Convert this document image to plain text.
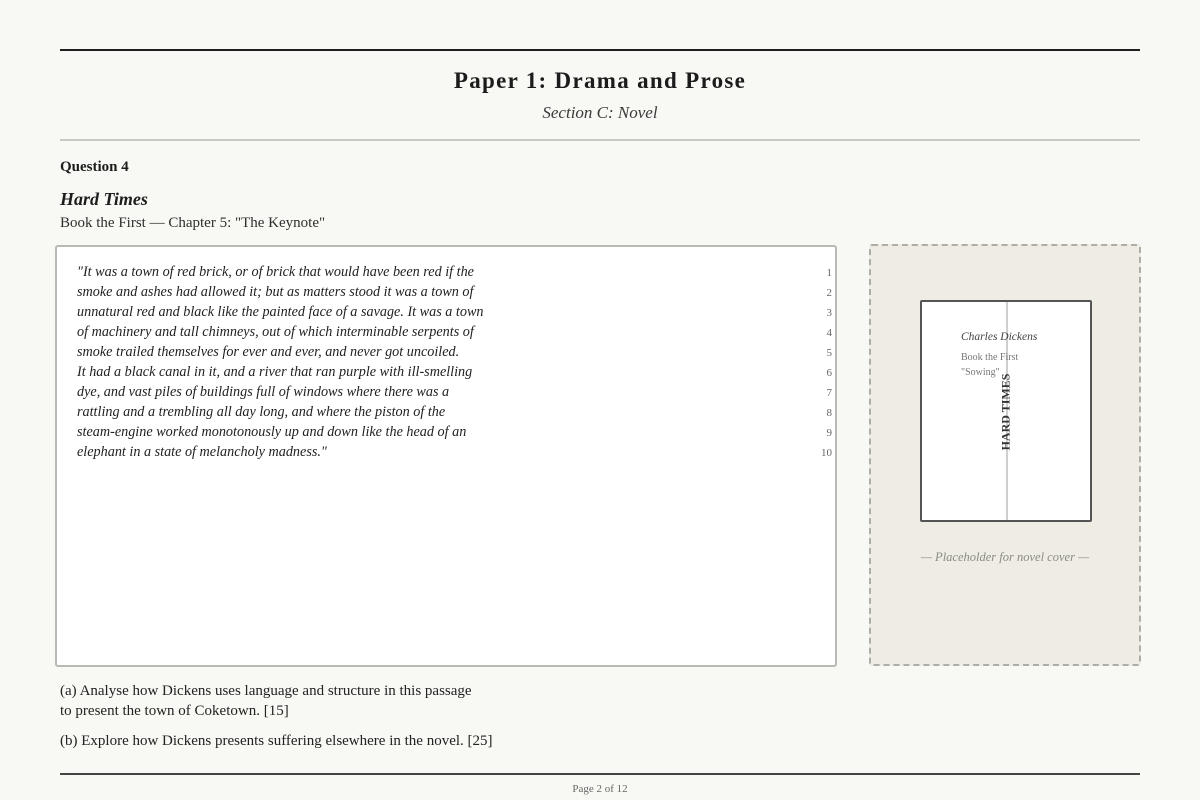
Paper 1: Drama and Prose
Section C: Novel
Question 4
Hard Times
Book the First — Chapter 5: "The Keynote"
"It was a town of red brick, or of brick that would have been red if the	1
smoke and ashes had allowed it; but as matters stood it was a town of	2
unnatural red and black like the painted face of a savage. It was a town	3
of machinery and tall chimneys, out of which interminable serpents of	4
smoke trailed themselves for ever and ever, and never got uncoiled.	5
It had a black canal in it, and a river that ran purple with ill-smelling	6
dye, and vast piles of buildings full of windows where there was a	7
rattling and a trembling all day long, and where the piston of the	8
steam-engine worked monotonously up and down like the head of an	9
elephant in a state of melancholy madness."	10
Charles Dickens
Book the First
"Sowing"
HARD TIMES
— Placeholder for novel cover —
(a) Analyse how Dickens uses language and structure in this passage to present the town of Coketown. [15]
(b) Explore how Dickens presents suffering elsewhere in the novel. [25]
Page 2 of 12
